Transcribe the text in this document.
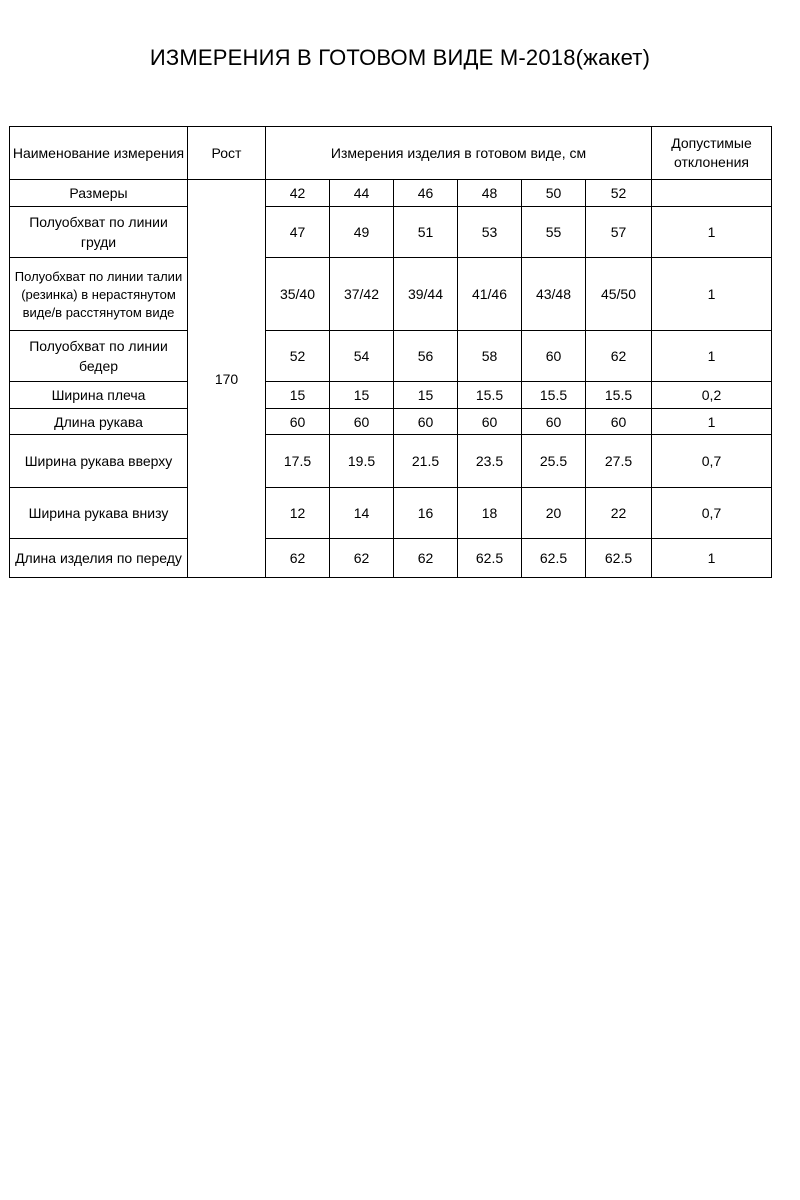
ИЗМЕРЕНИЯ В ГОТОВОМ ВИДЕ М-2018(жакет)
Наименование измерения	Рост	Измерения изделия в готовом виде, см						Допустимые отклонения
Размеры	170	42	44	46	48	50	52	
Полуобхват по линии груди		47	49	51	53	55	57	1
Полуобхват по линии талии (резинка) в нерастянутом виде/в расстянутом виде		35/40	37/42	39/44	41/46	43/48	45/50	1
Полуобхват по линии бедер		52	54	56	58	60	62	1
Ширина плеча		15	15	15	15.5	15.5	15.5	0,2
Длина рукава		60	60	60	60	60	60	1
Ширина рукава вверху		17.5	19.5	21.5	23.5	25.5	27.5	0,7
Ширина рукава внизу		12	14	16	18	20	22	0,7
Длина изделия по переду		62	62	62	62.5	62.5	62.5	1
